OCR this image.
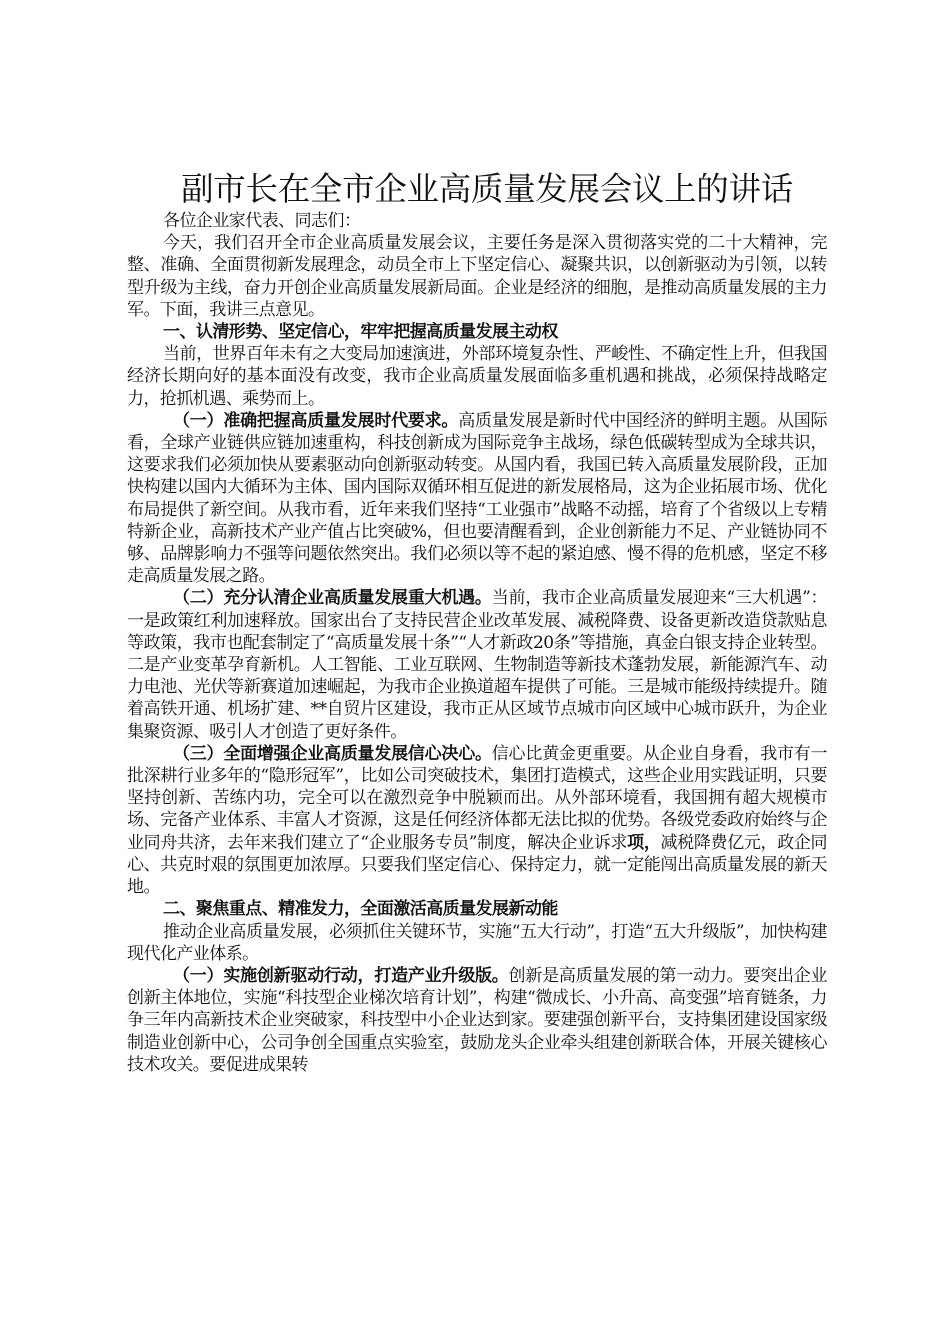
副市长在全市企业高质量发展会议上的讲话

各位企业家代表、同志们：

今天，我们召开全市企业高质量发展会议，主要任务是深入贯彻落实党的二十大精神，完整、准确、全面贯彻新发展理念，动员全市上下坚定信心、凝聚共识，以创新驱动为引领，以转型升级为主线，奋力开创企业高质量发展新局面。企业是经济的细胞，是推动高质量发展的主力军。下面，我讲三点意见。

一、认清形势、坚定信心，牢牢把握高质量发展主动权

当前，世界百年未有之大变局加速演进，外部环境复杂性、严峻性、不确定性上升，但我国经济长期向好的基本面没有改变，我市企业高质量发展面临多重机遇和挑战，必须保持战略定力，抢抓机遇、乘势而上。

（一）准确把握高质量发展时代要求。高质量发展是新时代中国经济的鲜明主题。从国际看，全球产业链供应链加速重构，科技创新成为国际竞争主战场，绿色低碳转型成为全球共识，这要求我们必须加快从要素驱动向创新驱动转变。从国内看，我国已转入高质量发展阶段，正加快构建以国内大循环为主体、国内国际双循环相互促进的新发展格局，这为企业拓展市场、优化布局提供了新空间。从我市看，近年来我们坚持“工业强市”战略不动摇，培育了个省级以上专精特新企业，高新技术产业产值占比突破%，但也要清醒看到，企业创新能力不足、产业链协同不够、品牌影响力不强等问题依然突出。我们必须以等不起的紧迫感、慢不得的危机感，坚定不移走高质量发展之路。

（二）充分认清企业高质量发展重大机遇。当前，我市企业高质量发展迎来“三大机遇”：一是政策红利加速释放。国家出台了支持民营企业改革发展、减税降费、设备更新改造贷款贴息等政策，我市也配套制定了“高质量发展十条”“人才新政20条”等措施，真金白银支持企业转型。二是产业变革孕育新机。人工智能、工业互联网、生物制造等新技术蓬勃发展，新能源汽车、动力电池、光伏等新赛道加速崛起，为我市企业换道超车提供了可能。三是城市能级持续提升。随着高铁开通、机场扩建、**自贸片区建设，我市正从区域节点城市向区域中心城市跃升，为企业集聚资源、吸引人才创造了更好条件。

（三）全面增强企业高质量发展信心决心。信心比黄金更重要。从企业自身看，我市有一批深耕行业多年的“隐形冠军”，比如公司突破技术，集团打造模式，这些企业用实践证明，只要坚持创新、苦练内功，完全可以在激烈竞争中脱颖而出。从外部环境看，我国拥有超大规模市场、完备产业体系、丰富人才资源，这是任何经济体都无法比拟的优势。各级党委政府始终与企业同舟共济，去年来我们建立了“企业服务专员”制度，解决企业诉求项，减税降费亿元，政企同心、共克时艰的氛围更加浓厚。只要我们坚定信心、保持定力，就一定能闯出高质量发展的新天地。

二、聚焦重点、精准发力，全面激活高质量发展新动能

推动企业高质量发展，必须抓住关键环节，实施“五大行动”，打造“五大升级版”，加快构建现代化产业体系。

（一）实施创新驱动行动，打造产业升级版。创新是高质量发展的第一动力。要突出企业创新主体地位，实施“科技型企业梯次培育计划”，构建“微成长、小升高、高变强”培育链条，力争三年内高新技术企业突破家，科技型中小企业达到家。要建强创新平台，支持集团建设国家级制造业创新中心，公司争创全国重点实验室，鼓励龙头企业牵头组建创新联合体，开展关键核心技术攻关。要促进成果转
